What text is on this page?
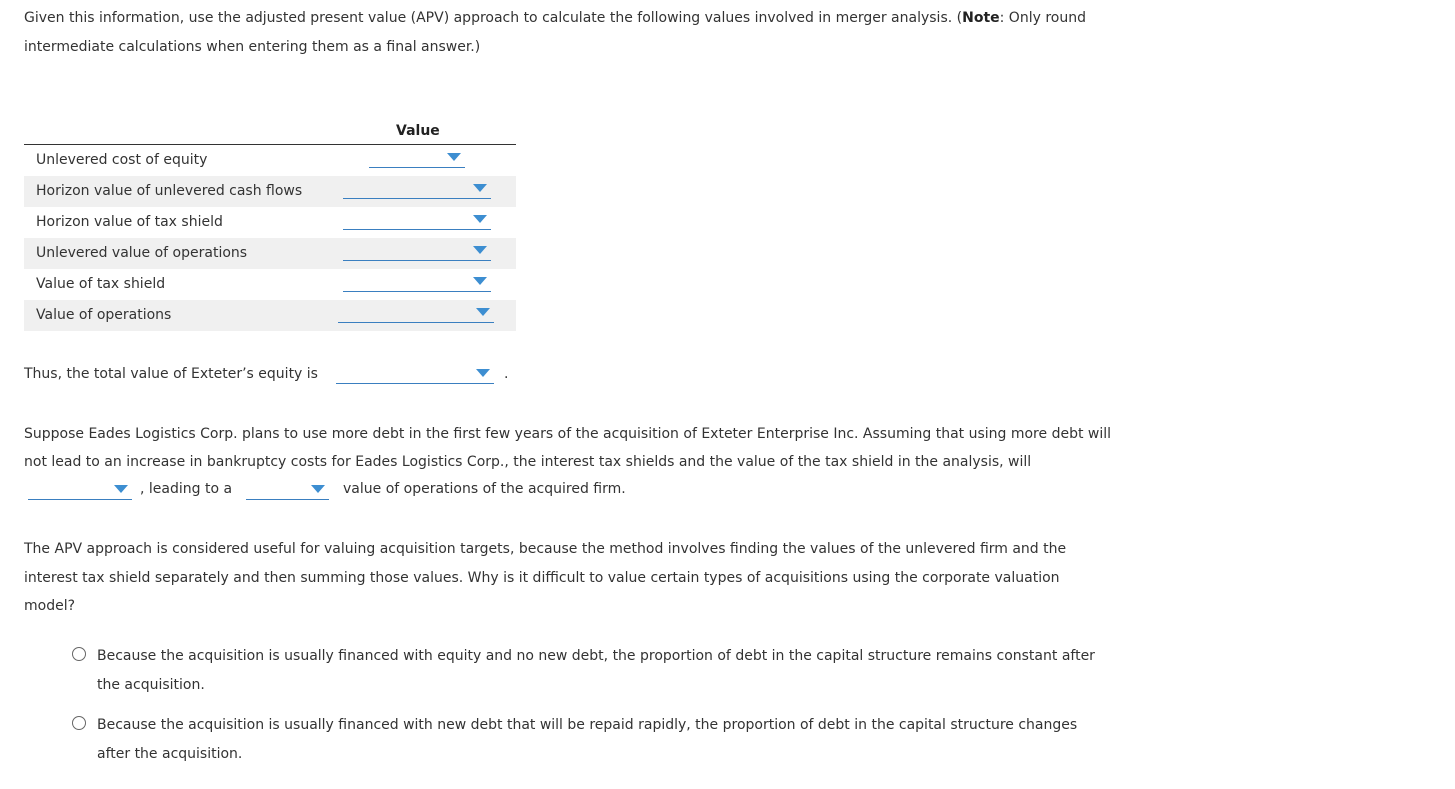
Given this information, use the adjusted present value (APV) approach to calculate the following values involved in merger analysis. (Note: Only round intermediate calculations when entering them as a final answer.)

Value
Unlevered cost of equity
Horizon value of unlevered cash flows
Horizon value of tax shield
Unlevered value of operations
Value of tax shield
Value of operations
Thus, the total value of Exteter’s equity is	.

Suppose Eades Logistics Corp. plans to use more debt in the first few years of the acquisition of Exteter Enterprise Inc. Assuming that using more debt will not lead to an increase in bankruptcy costs for Eades Logistics Corp., the interest tax shields and the value of the tax shield in the analysis, will

, leading to a	value of operations of the acquired firm.

The APV approach is considered useful for valuing acquisition targets, because the method involves finding the values of the unlevered firm and the interest tax shield separately and then summing those values. Why is it difficult to value certain types of acquisitions using the corporate valuation model?

Because the acquisition is usually financed with equity and no new debt, the proportion of debt in the capital structure remains constant after the acquisition.
Because the acquisition is usually financed with new debt that will be repaid rapidly, the proportion of debt in the capital structure changes after the acquisition.
